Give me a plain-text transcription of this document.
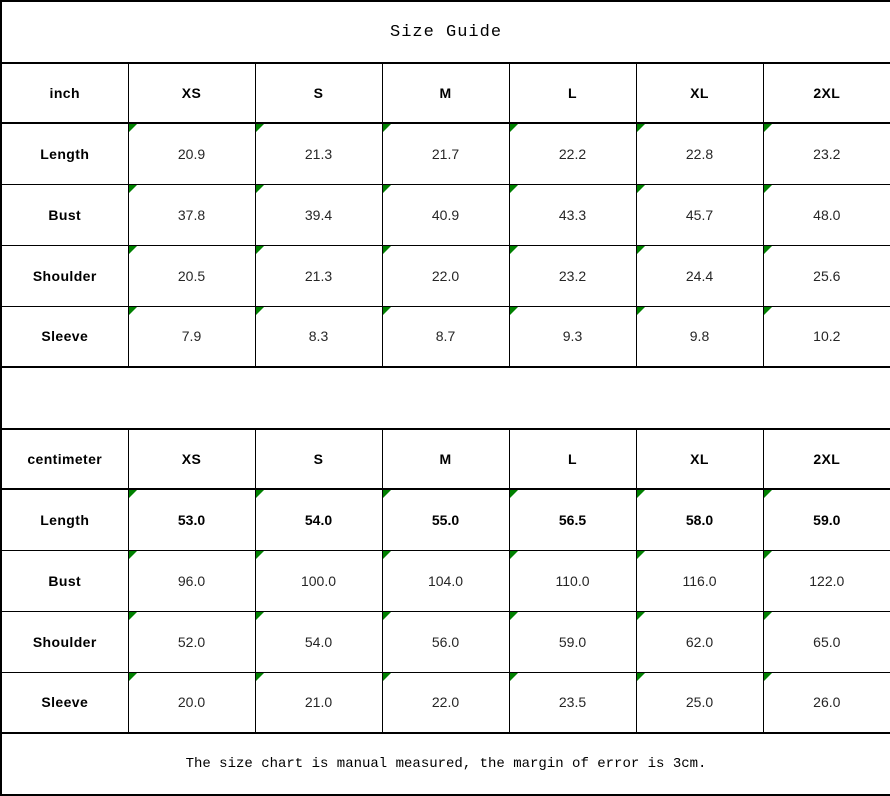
Size Guide						
inch	XS	S	M	L	XL	2XL
Length	20.9	21.3	21.7	22.2	22.8	23.2
Bust	37.8	39.4	40.9	43.3	45.7	48.0
Shoulder	20.5	21.3	22.0	23.2	24.4	25.6
Sleeve	7.9	8.3	8.7	9.3	9.8	10.2

centimeter	XS	S	M	L	XL	2XL
Length	53.0	54.0	55.0	56.5	58.0	59.0
Bust	96.0	100.0	104.0	110.0	116.0	122.0
Shoulder	52.0	54.0	56.0	59.0	62.0	65.0
Sleeve	20.0	21.0	22.0	23.5	25.0	26.0
The size chart is manual measured, the margin of error is 3cm.						
